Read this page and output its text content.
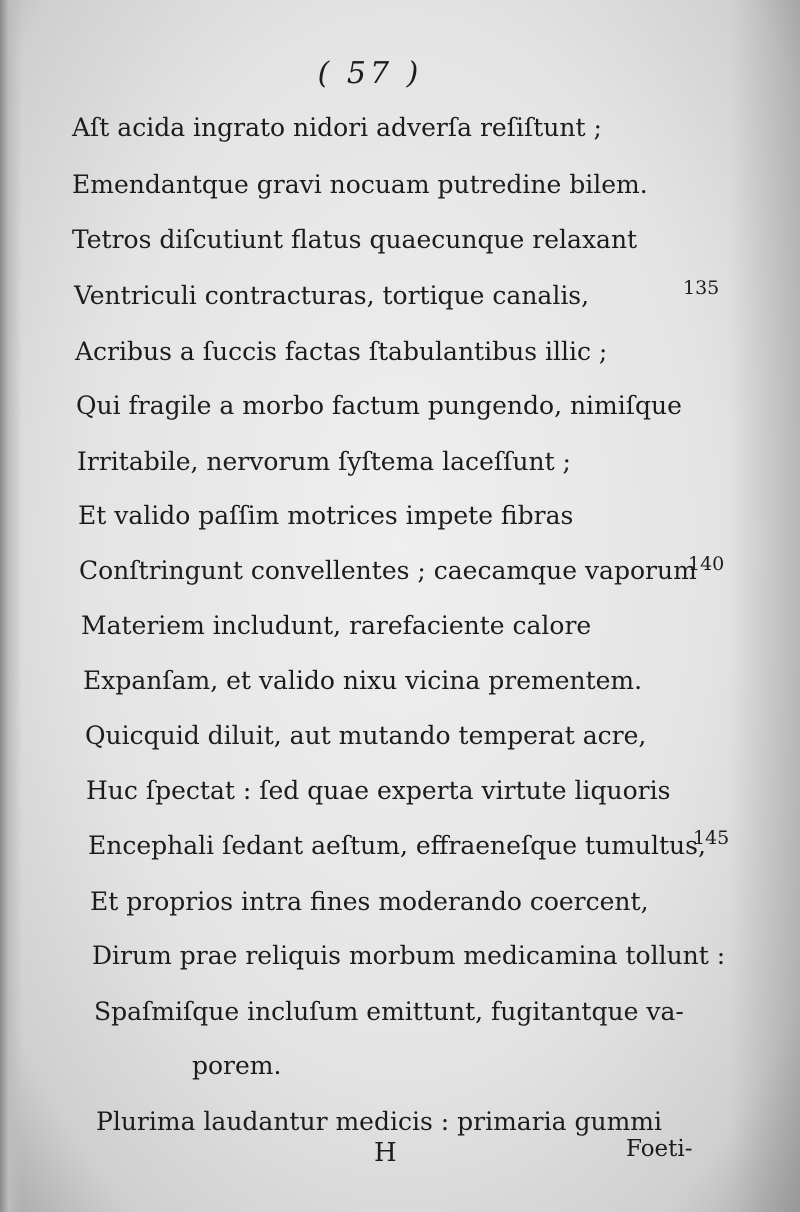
( 57 )
Aſt acida ingrato nidori adverſa reſiſtunt ;
Emendantque gravi nocuam putredine bilem.
Tetros diſcutiunt flatus quaecunque relaxant
Ventriculi contracturas, tortique canalis,
Acribus a ſuccis factas ſtabulantibus illic ;
Qui fragile a morbo factum pungendo, nimiſque
Irritabile, nervorum ſyſtema laceſſunt ;
Et valido paſſim motrices impete fibras
Conſtringunt convellentes ; caecamque vaporum
Materiem includunt, rarefaciente calore
Expanſam, et valido nixu vicina prementem.
Quicquid diluit, aut mutando temperat acre,
Huc ſpectat : ſed quae experta virtute liquoris
Encephali ſedant aeſtum, effraeneſque tumultus,
Et proprios intra fines moderando coercent,
Dirum prae reliquis morbum medicamina tollunt :
Spaſmiſque incluſum emittunt, fugitantque va-
porem.
Plurima laudantur medicis : primaria gummi
135
140
145
H	Foeti-
